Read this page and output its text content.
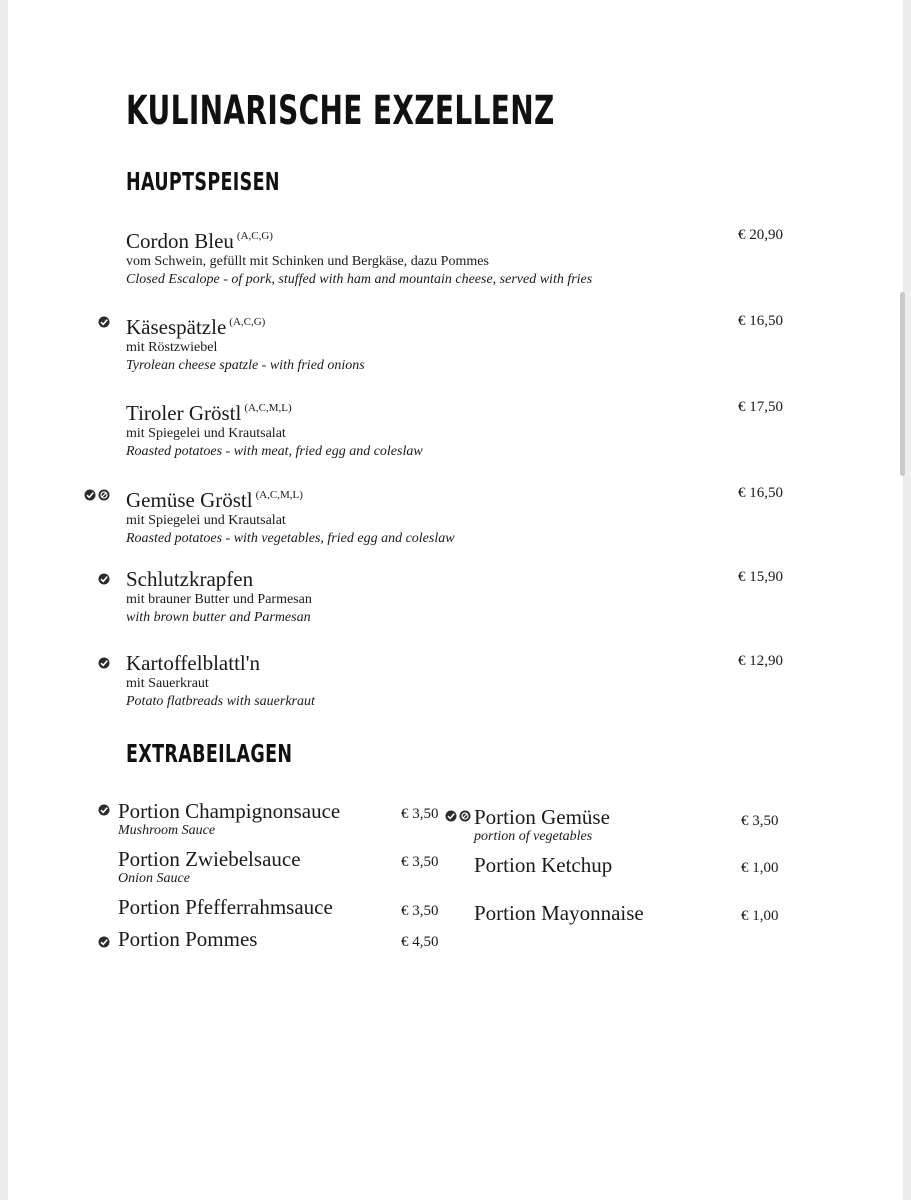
KULINARISCHE EXZELLENZ
HAUPTSPEISEN
Cordon Bleu $^{(A,C,G)}$
vom Schwein, gefüllt mit Schinken und Bergkäse, dazu Pommes
Closed Escalope - of pork, stuffed with ham and mountain cheese, served with fries
€ 20,90
Käsespätzle $^{(A,C,G)}$
mit Röstzwiebel
Tyrolean cheese spatzle - with fried onions
€ 16,50
Tiroler Gröstl $^{(A,C,M,L)}$
mit Spiegelei und Krautsalat
Roasted potatoes - with meat, fried egg and coleslaw
€ 17,50
Gemüse Gröstl $^{(A,C,M,L)}$
mit Spiegelei und Krautsalat
Roasted potatoes - with vegetables, fried egg and coleslaw
€ 16,50
Schlutzkrapfen
mit brauner Butter und Parmesan
with brown butter and Parmesan
€ 15,90
Kartoffelblattl'n
mit Sauerkraut
Potato flatbreads with sauerkraut
€ 12,90
EXTRABEILAGEN
Portion Champignonsauce
Mushroom Sauce
€ 3,50
Portion Zwiebelsauce
Onion Sauce
€ 3,50
Portion Pfefferrahmsauce	€ 3,50
Portion Pommes	€ 4,50
Portion Gemüse
portion of vegetables
€ 3,50
Portion Ketchup	€ 1,00
Portion Mayonnaise	€ 1,00
